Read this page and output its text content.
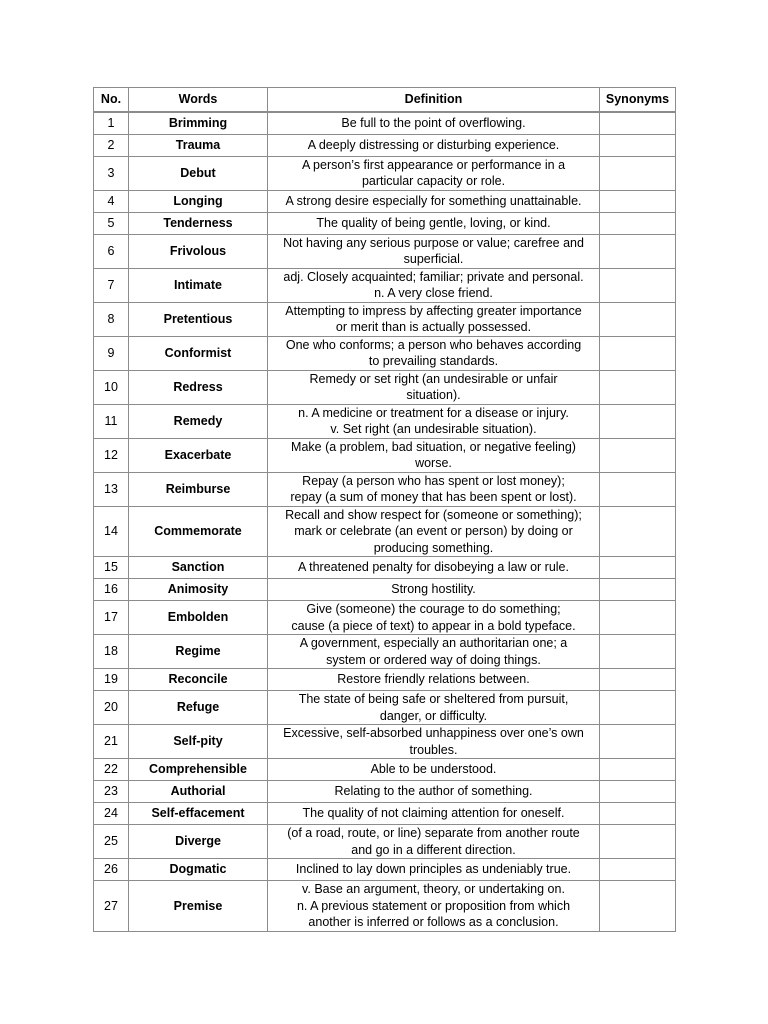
No.	Words	Definition	Synonyms
1	Brimming	Be full to the point of overflowing.	

2	Trauma	A deeply distressing or disturbing experience.	

3	Debut	A person’s first appearance or performance in a
particular capacity or role.	

4	Longing	A strong desire especially for something unattainable.	

5	Tenderness	The quality of being gentle, loving, or kind.	

6	Frivolous	Not having any serious purpose or value; carefree and
superficial.	

7	Intimate	adj. Closely acquainted; familiar; private and personal.
n. A very close friend.	

8	Pretentious	Attempting to impress by affecting greater importance
or merit than is actually possessed.	

9	Conformist	One who conforms; a person who behaves according
to prevailing standards.	

10	Redress	Remedy or set right (an undesirable or unfair
situation).	

11	Remedy	n. A medicine or treatment for a disease or injury.
v. Set right (an undesirable situation).	

12	Exacerbate	Make (a problem, bad situation, or negative feeling)
worse.	

13	Reimburse	Repay (a person who has spent or lost money);
repay (a sum of money that has been spent or lost).	

14	Commemorate	Recall and show respect for (someone or something);
mark or celebrate (an event or person) by doing or
producing something.	

15	Sanction	A threatened penalty for disobeying a law or rule.	

16	Animosity	Strong hostility.	

17	Embolden	Give (someone) the courage to do something;
cause (a piece of text) to appear in a bold typeface.	

18	Regime	A government, especially an authoritarian one; a
system or ordered way of doing things.	

19	Reconcile	Restore friendly relations between.	

20	Refuge	The state of being safe or sheltered from pursuit,
danger, or difficulty.	

21	Self-pity	Excessive, self-absorbed unhappiness over one’s own
troubles.	

22	Comprehensible	Able to be understood.	

23	Authorial	Relating to the author of something.	

24	Self-effacement	The quality of not claiming attention for oneself.	

25	Diverge	(of a road, route, or line) separate from another route
and go in a different direction.	

26	Dogmatic	Inclined to lay down principles as undeniably true.	

27	Premise	v. Base an argument, theory, or undertaking on.
n. A previous statement or proposition from which
another is inferred or follows as a conclusion.	
